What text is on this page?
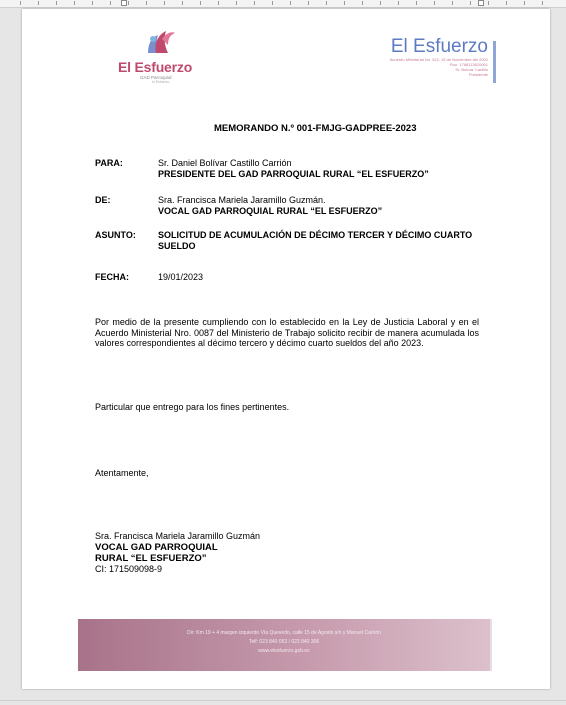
El Esfuerzo
GAD Parroquial
el Esfuerzo
El Esfuerzo
Acuerdo Ministerial No. 322, 15 de Noviembre del 2002
Ruc: 1768113620001
Sr. Bolívar Castillo
Presidente
MEMORANDO N.º 001-FMJG-GADPREE-2023
PARA:	Sr. Daniel Bolívar Castillo Carrión
PRESIDENTE DEL GAD PARROQUIAL RURAL “EL ESFUERZO”
DE:	Sra. Francisca Mariela Jaramillo Guzmán.
VOCAL GAD PARROQUIAL RURAL “EL ESFUERZO”
ASUNTO: SOLICITUD DE ACUMULACIÓN DE DÉCIMO TERCER Y DÉCIMO CUARTO SUELDO
FECHA:	19/01/2023
Por medio de la presente cumpliendo con lo establecido en la Ley de Justicia Laboral y en el Acuerdo Ministerial Nro. 0087 del Ministerio de Trabajo solicito recibir de manera acumulada los valores correspondientes al décimo tercero y décimo cuarto sueldos del año 2023.
Particular que entrego para los fines pertinentes.
Atentamente,
Sra. Francisca Mariela Jaramillo Guzmán
VOCAL GAD PARROQUIAL
RURAL “EL ESFUERZO”
CI: 171509098-9
Dir: Km 19 + 4 margen izquierdo Vía Quevedo, calle 15 de Agosto s/n y Manuel Carrión
Telf: 023 840 053 / 023 840 306
www.elesfuerzo.gob.ec
